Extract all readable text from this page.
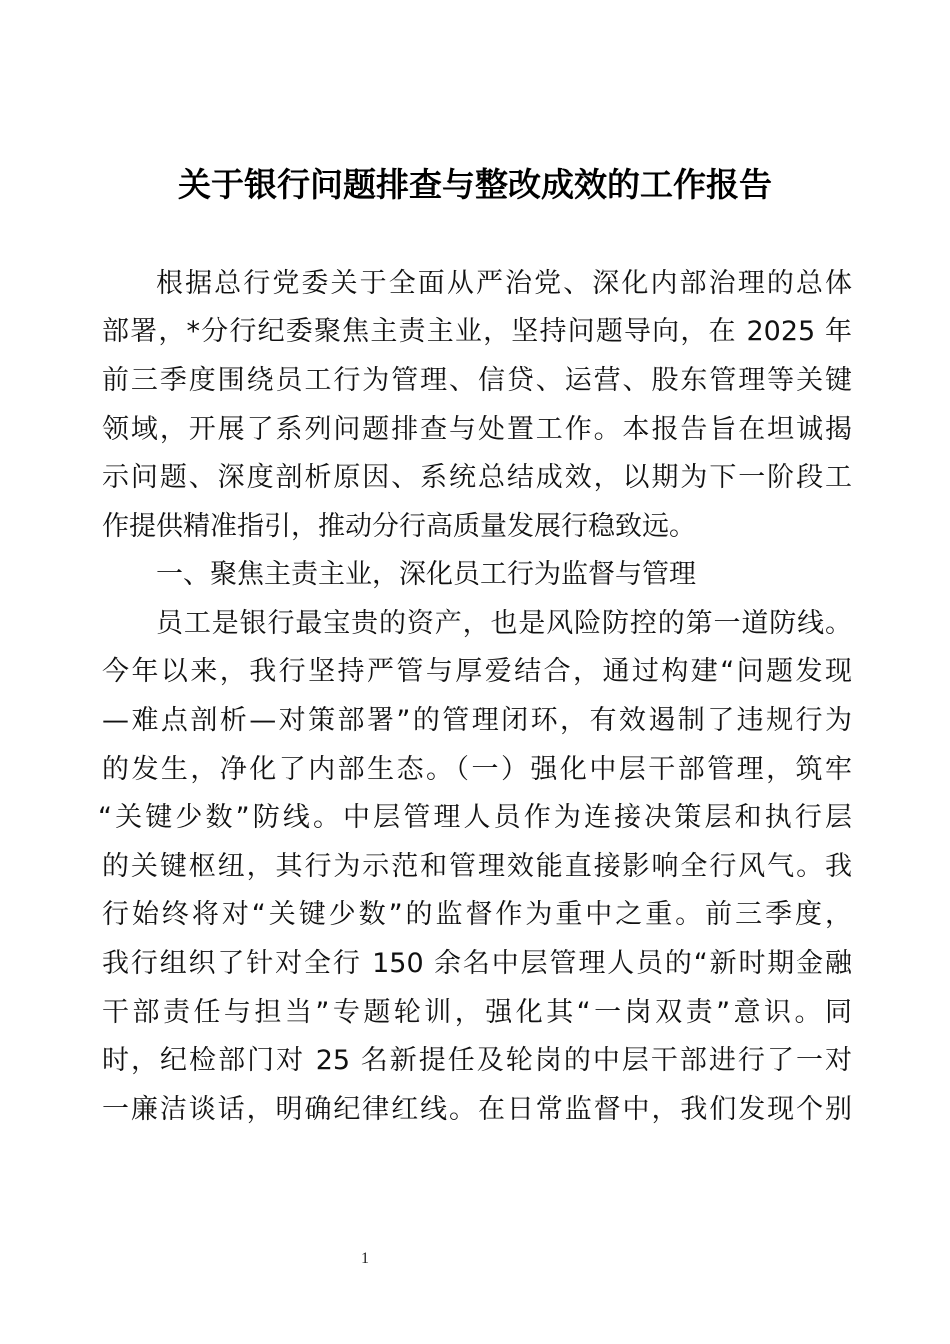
关于银行问题排查与整改成效的工作报告
根据总行党委关于全面从严治党、深化内部治理的总体
部署，*分行纪委聚焦主责主业，坚持问题导向，在 2025 年
前三季度围绕员工行为管理、信贷、运营、股东管理等关键
领域，开展了系列问题排查与处置工作。本报告旨在坦诚揭
示问题、深度剖析原因、系统总结成效，以期为下一阶段工
作提供精准指引，推动分行高质量发展行稳致远。
一、聚焦主责主业，深化员工行为监督与管理
员工是银行最宝贵的资产，也是风险防控的第一道防线。
今年以来，我行坚持严管与厚爱结合，通过构建“问题发现
—难点剖析—对策部署”的管理闭环，有效遏制了违规行为
的发生，净化了内部生态。（一）强化中层干部管理，筑牢
“关键少数”防线。中层管理人员作为连接决策层和执行层
的关键枢纽，其行为示范和管理效能直接影响全行风气。我
行始终将对“关键少数”的监督作为重中之重。前三季度，
我行组织了针对全行 150 余名中层管理人员的“新时期金融
干部责任与担当”专题轮训，强化其“一岗双责”意识。同
时，纪检部门对 25 名新提任及轮岗的中层干部进行了一对
一廉洁谈话，明确纪律红线。在日常监督中，我们发现个别
1
